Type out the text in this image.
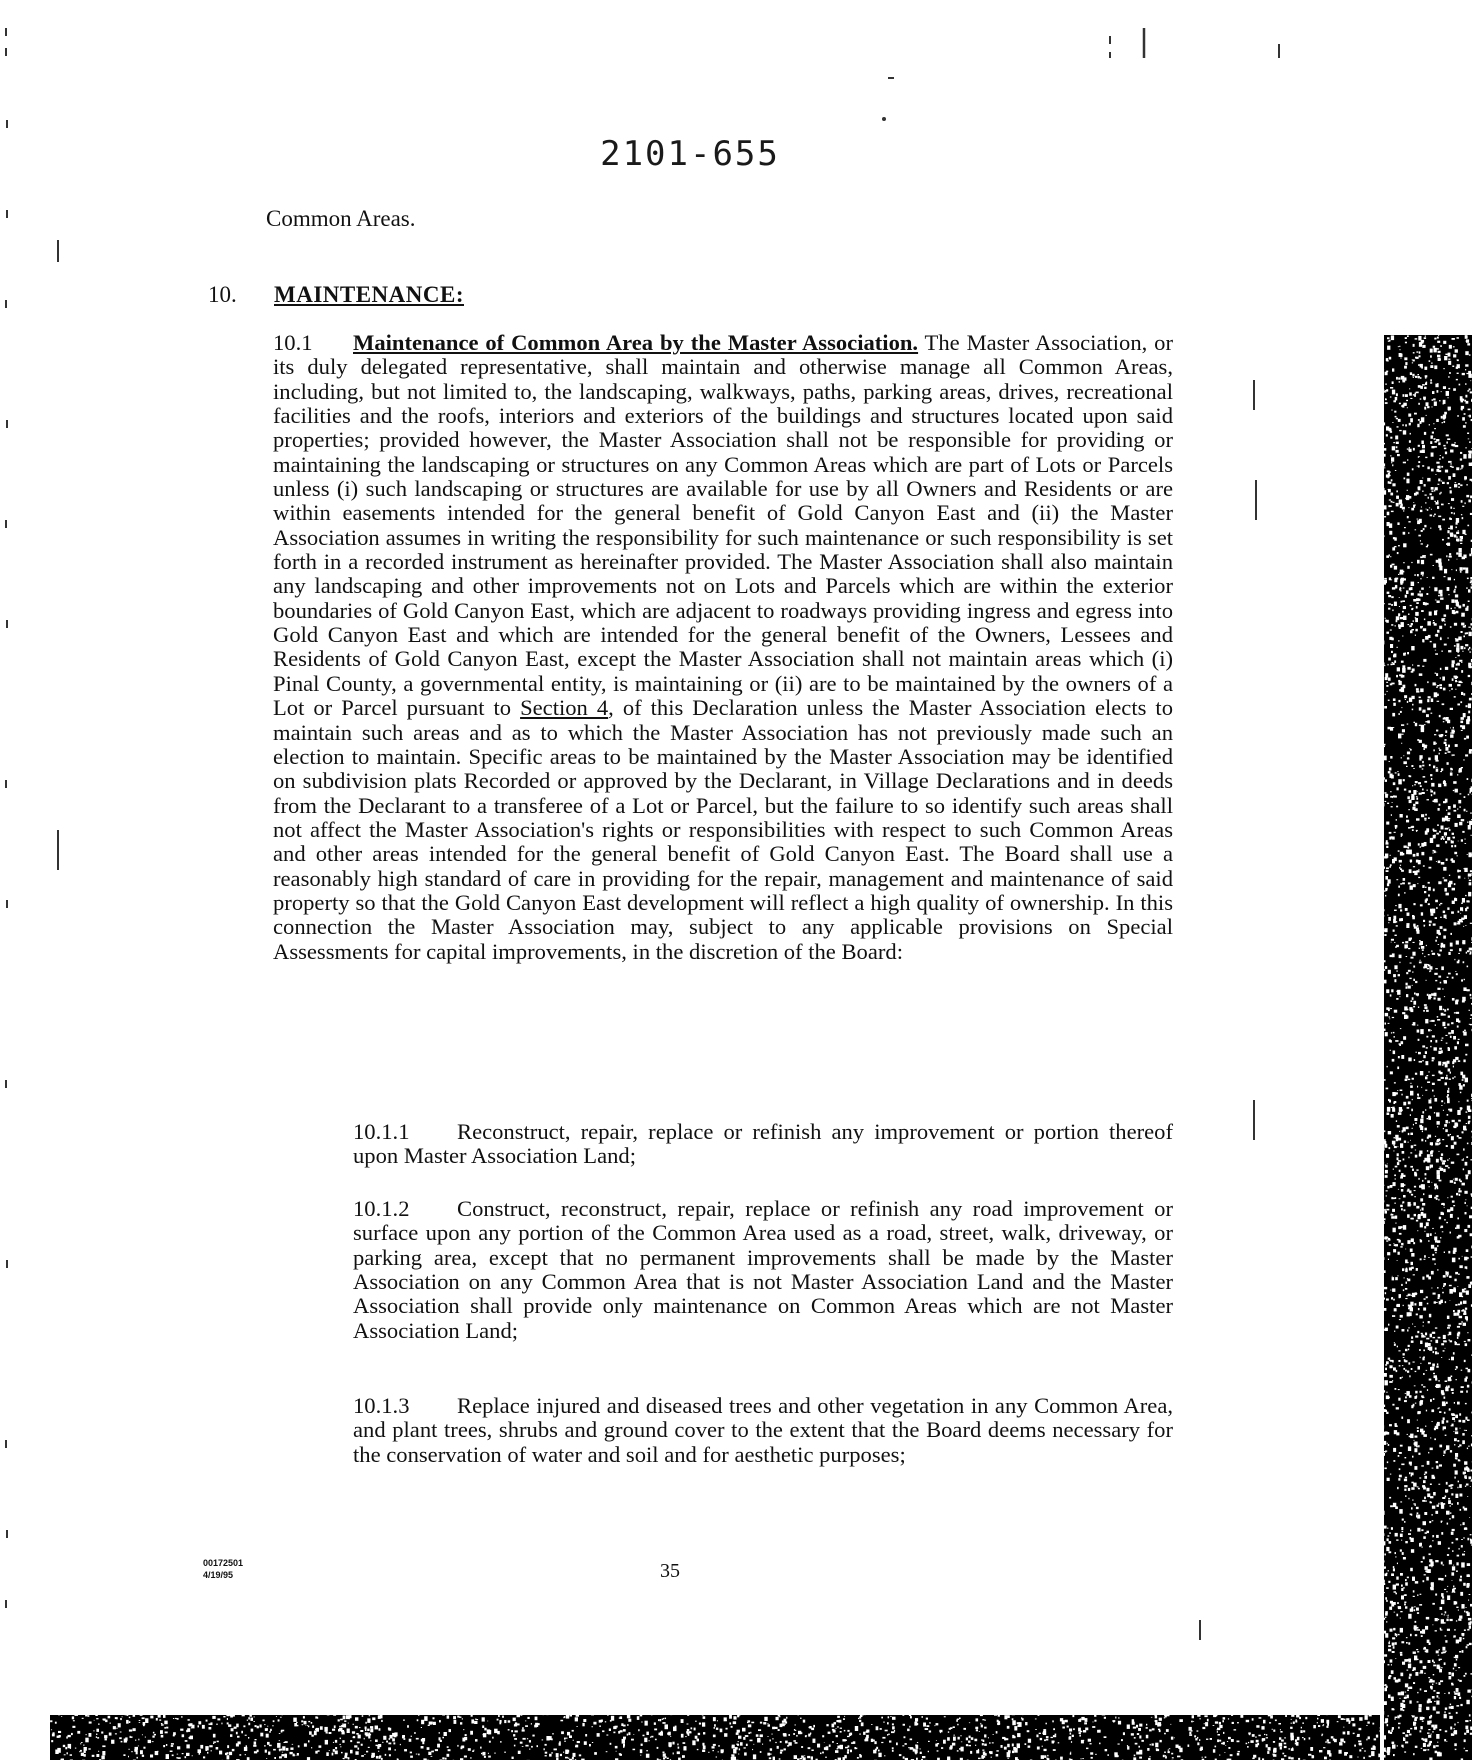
2101-655
Common Areas.
10. MAINTENANCE:
10.1 Maintenance of Common Area by the Master Association. The Master Association, or its duly delegated representative, shall maintain and otherwise manage all Common Areas, including, but not limited to, the landscaping, walkways, paths, parking areas, drives, recreational facilities and the roofs, interiors and exteriors of the buildings and structures located upon said properties; provided however, the Master Association shall not be responsible for providing or maintaining the landscaping or structures on any Common Areas which are part of Lots or Parcels unless (i) such landscaping or structures are available for use by all Owners and Residents or are within easements intended for the general benefit of Gold Canyon East and (ii) the Master Association assumes in writing the responsibility for such maintenance or such responsibility is set forth in a recorded instrument as hereinafter provided. The Master Association shall also maintain any landscaping and other improvements not on Lots and Parcels which are within the exterior boundaries of Gold Canyon East, which are adjacent to roadways providing ingress and egress into Gold Canyon East and which are intended for the general benefit of the Owners, Lessees and Residents of Gold Canyon East, except the Master Association shall not maintain areas which (i) Pinal County, a governmental entity, is maintaining or (ii) are to be maintained by the owners of a Lot or Parcel pursuant to Section 4, of this Declaration unless the Master Association elects to maintain such areas and as to which the Master Association has not previously made such an election to maintain. Specific areas to be maintained by the Master Association may be identified on subdivision plats Recorded or approved by the Declarant, in Village Declarations and in deeds from the Declarant to a transferee of a Lot or Parcel, but the failure to so identify such areas shall not affect the Master Association's rights or responsibilities with respect to such Common Areas and other areas intended for the general benefit of Gold Canyon East. The Board shall use a reasonably high standard of care in providing for the repair, management and maintenance of said property so that the Gold Canyon East development will reflect a high quality of ownership. In this connection the Master Association may, subject to any applicable provisions on Special Assessments for capital improvements, in the discretion of the Board:
10.1.1 Reconstruct, repair, replace or refinish any improvement or portion thereof upon Master Association Land;
10.1.2 Construct, reconstruct, repair, replace or refinish any road improvement or surface upon any portion of the Common Area used as a road, street, walk, driveway, or parking area, except that no permanent improvements shall be made by the Master Association on any Common Area that is not Master Association Land and the Master Association shall provide only maintenance on Common Areas which are not Master Association Land;
10.1.3 Replace injured and diseased trees and other vegetation in any Common Area, and plant trees, shrubs and ground cover to the extent that the Board deems necessary for the conservation of water and soil and for aesthetic purposes;
00172501
4/19/95	35
